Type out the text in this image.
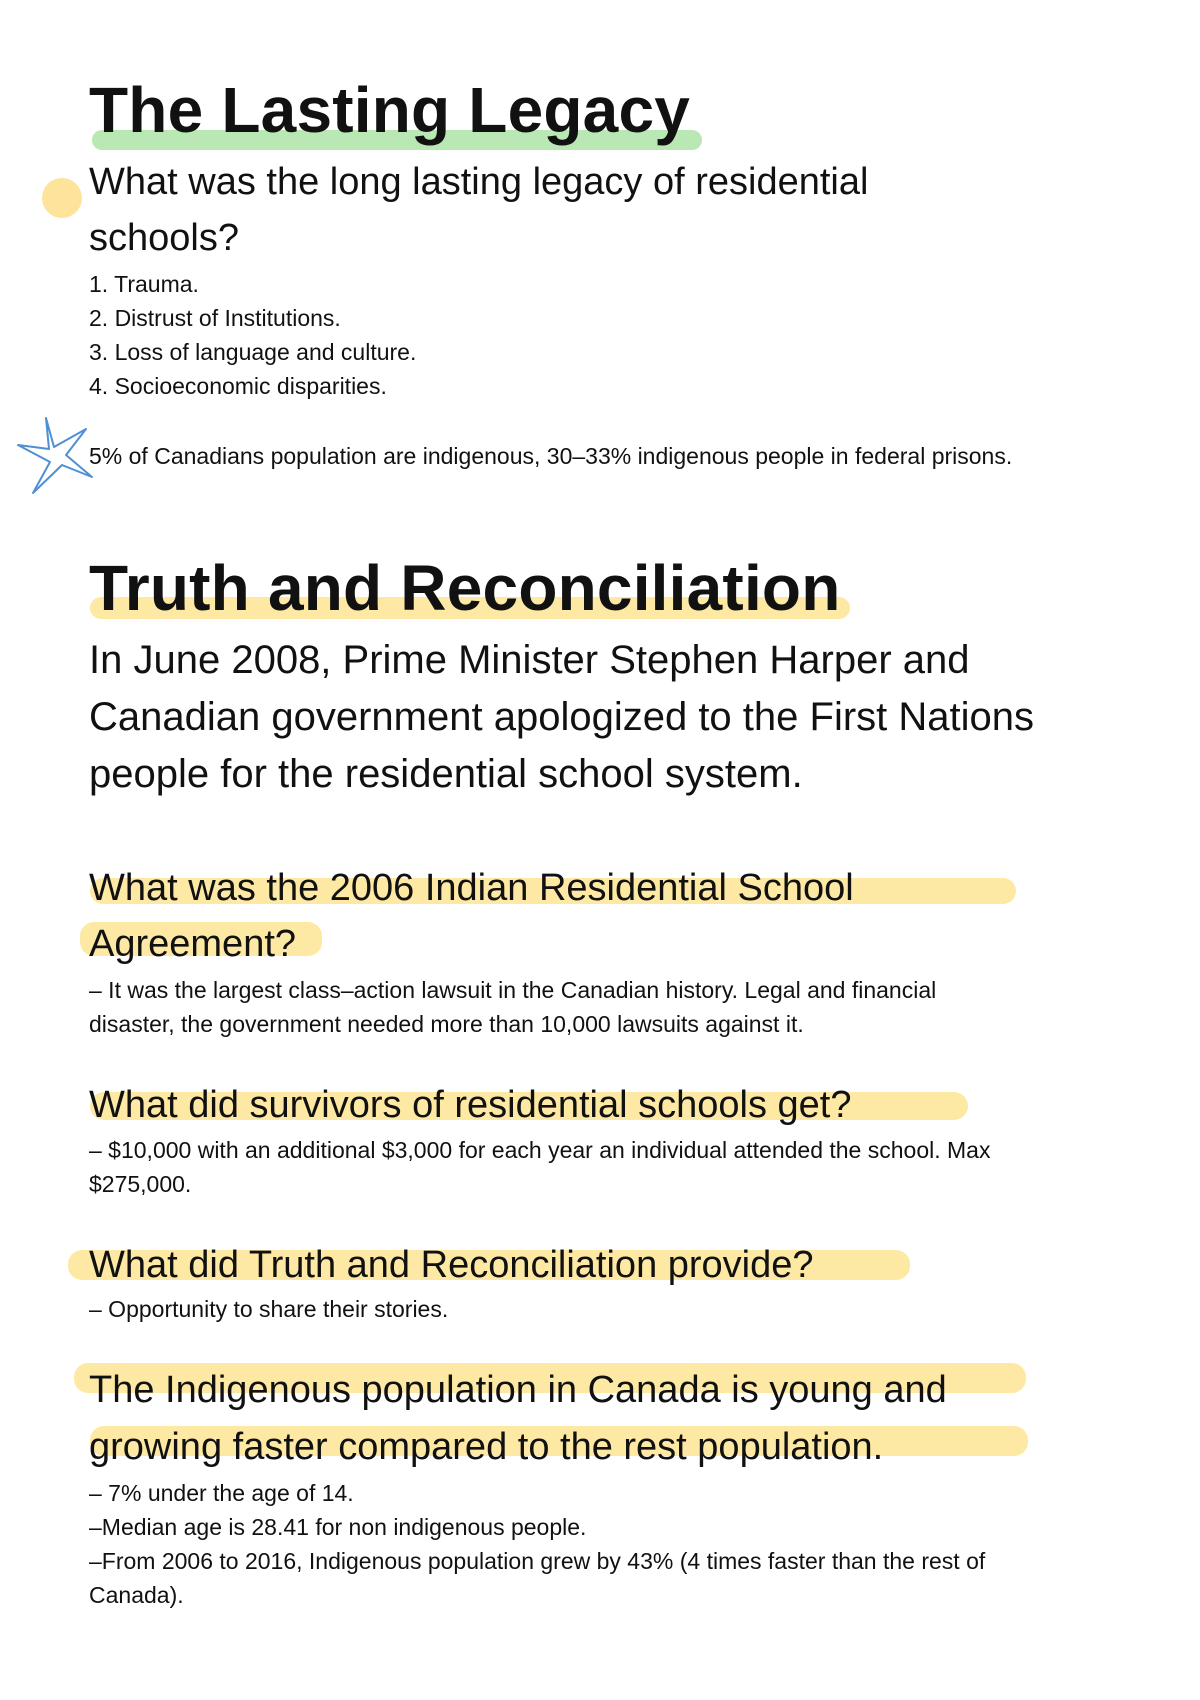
The Lasting Legacy

What was the long lasting legacy of residential

schools?

1. Trauma.
2. Distrust of Institutions.
3. Loss of language and culture.
4. Socioeconomic disparities.

5% of Canadians population are indigenous, 30–33% indigenous people in federal prisons.

Truth and Reconciliation

In June 2008, Prime Minister Stephen Harper and

Canadian government apologized to the First Nations

people for the residential school system.

What was the 2006 Indian Residential School

Agreement?

– It was the largest class–action lawsuit in the Canadian history. Legal and financial

disaster, the government needed more than 10,000 lawsuits against it.

What did survivors of residential schools get?

– $10,000 with an additional $3,000 for each year an individual attended the school. Max

$275,000.

What did Truth and Reconciliation provide?

– Opportunity to share their stories.

The Indigenous population in Canada is young and

growing faster compared to the rest population.

– 7% under the age of 14.

–Median age is 28.41 for non indigenous people.

–From 2006 to 2016, Indigenous population grew by 43% (4 times faster than the rest of

Canada).
